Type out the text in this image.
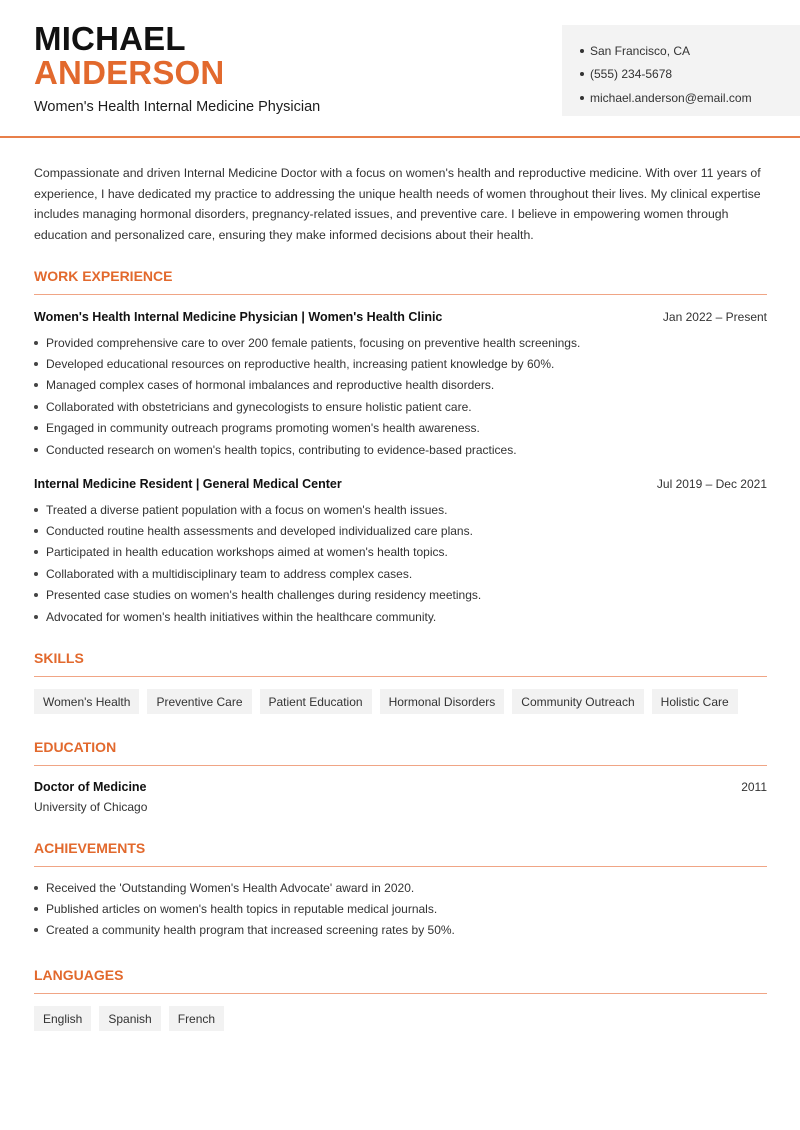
MICHAEL
ANDERSON
Women's Health Internal Medicine Physician
San Francisco, CA
(555) 234-5678
michael.anderson@email.com

Compassionate and driven Internal Medicine Doctor with a focus on women's health and reproductive medicine. With over 11 years of experience, I have dedicated my practice to addressing the unique health needs of women throughout their lives. My clinical expertise includes managing hormonal disorders, pregnancy-related issues, and preventive care. I believe in empowering women through education and personalized care, ensuring they make informed decisions about their health.

WORK EXPERIENCE
Women's Health Internal Medicine Physician | Women's Health Clinic	Jan 2022 – Present
Provided comprehensive care to over 200 female patients, focusing on preventive health screenings.
Developed educational resources on reproductive health, increasing patient knowledge by 60%.
Managed complex cases of hormonal imbalances and reproductive health disorders.
Collaborated with obstetricians and gynecologists to ensure holistic patient care.
Engaged in community outreach programs promoting women's health awareness.
Conducted research on women's health topics, contributing to evidence-based practices.
Internal Medicine Resident | General Medical Center	Jul 2019 – Dec 2021
Treated a diverse patient population with a focus on women's health issues.
Conducted routine health assessments and developed individualized care plans.
Participated in health education workshops aimed at women's health topics.
Collaborated with a multidisciplinary team to address complex cases.
Presented case studies on women's health challenges during residency meetings.
Advocated for women's health initiatives within the healthcare community.
SKILLS
Women's Health	Preventive Care	Patient Education	Hormonal Disorders	Community Outreach	Holistic Care
EDUCATION
Doctor of Medicine	2011
University of Chicago
ACHIEVEMENTS
Received the 'Outstanding Women's Health Advocate' award in 2020.
Published articles on women's health topics in reputable medical journals.
Created a community health program that increased screening rates by 50%.
LANGUAGES
English	Spanish	French
